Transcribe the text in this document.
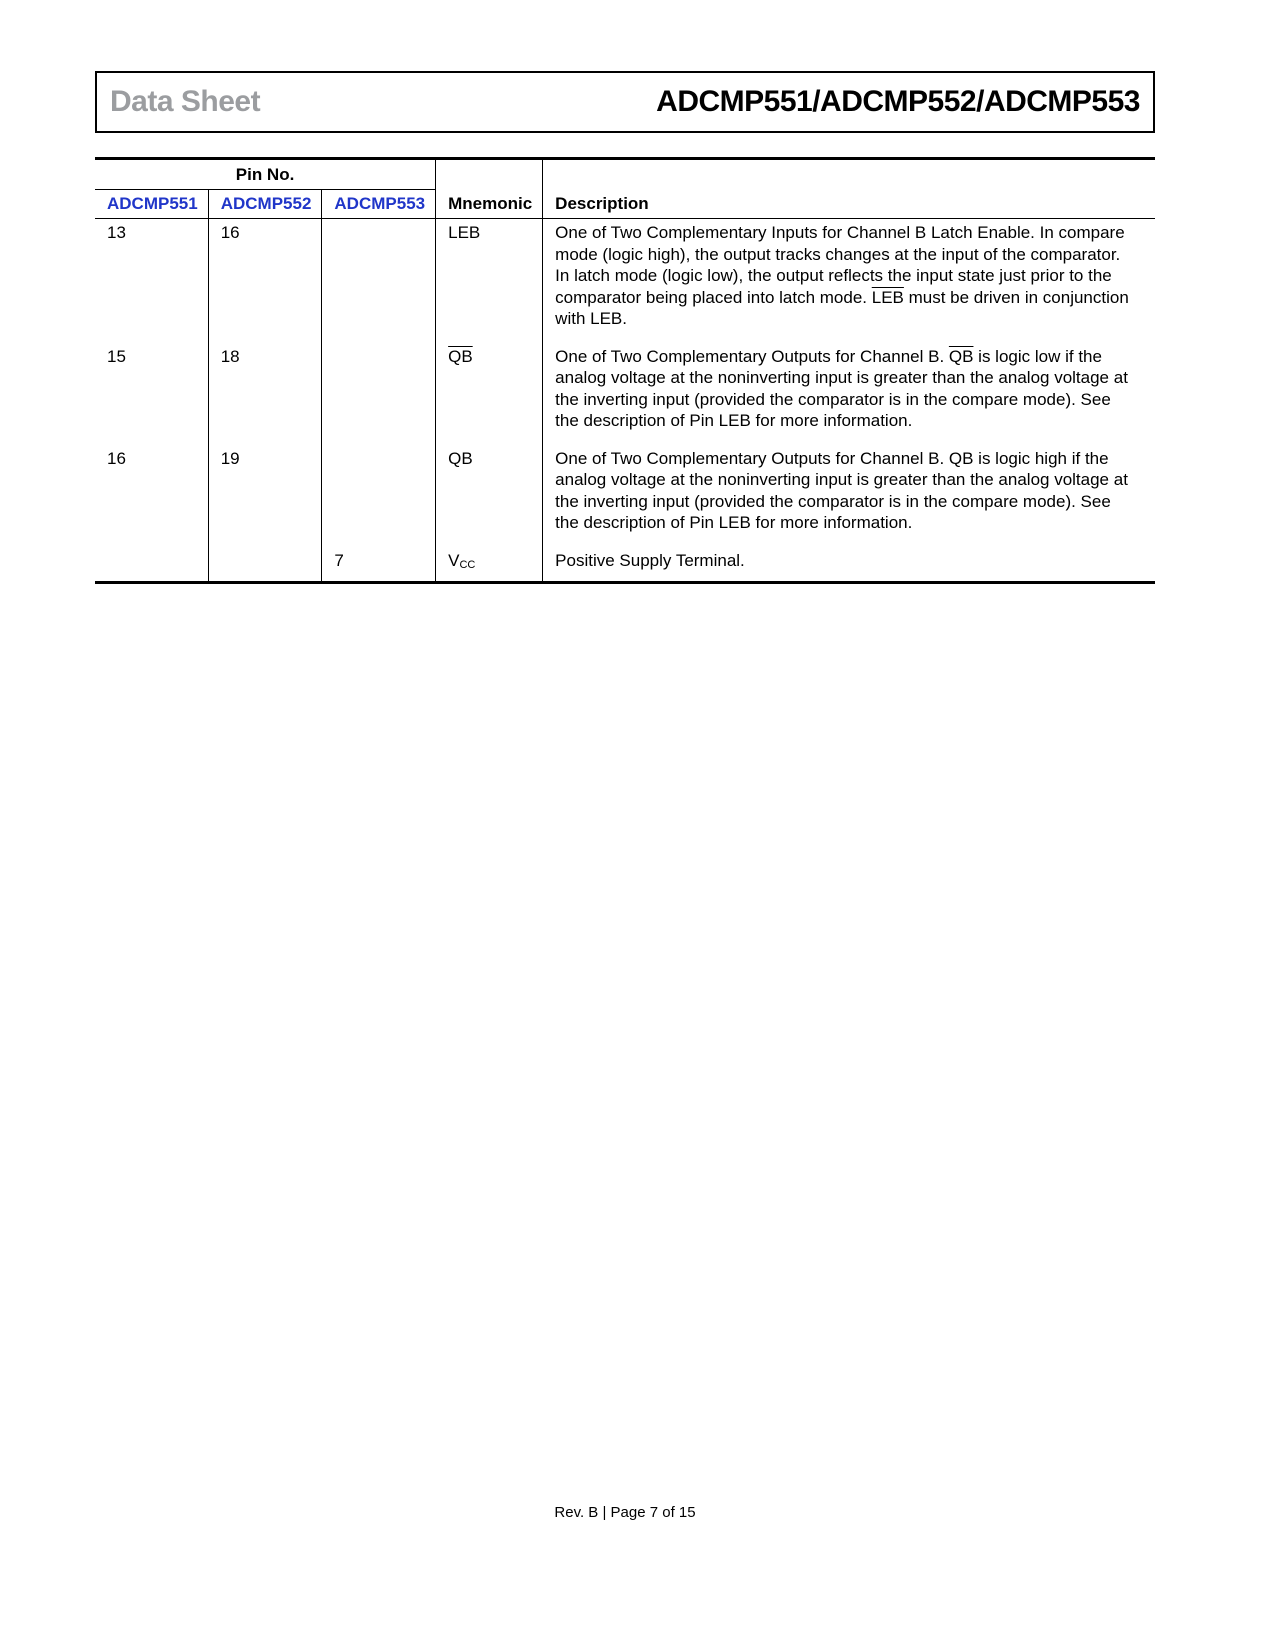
Data Sheet	ADCMP551/ADCMP552/ADCMP553
Pin No.			Mnemonic	Description
ADCMP551	ADCMP552	ADCMP553		
13	16		LEB	One of Two Complementary Inputs for Channel B Latch Enable. In compare mode (logic high), the output tracks changes at the input of the comparator. In latch mode (logic low), the output reflects the input state just prior to the comparator being placed into latch mode. $\overline{LEB}$ must be driven in conjunction with LEB.
15	18		$\overline{QB}$	One of Two Complementary Outputs for Channel B. $\overline{QB}$ is logic low if the analog voltage at the noninverting input is greater than the analog voltage at the inverting input (provided the comparator is in the compare mode). See the description of Pin LEB for more information.
16	19		QB	One of Two Complementary Outputs for Channel B. QB is logic high if the analog voltage at the noninverting input is greater than the analog voltage at the inverting input (provided the comparator is in the compare mode). See the description of Pin LEB for more information.
		7	VCC	Positive Supply Terminal.
Rev. B | Page 7 of 15
